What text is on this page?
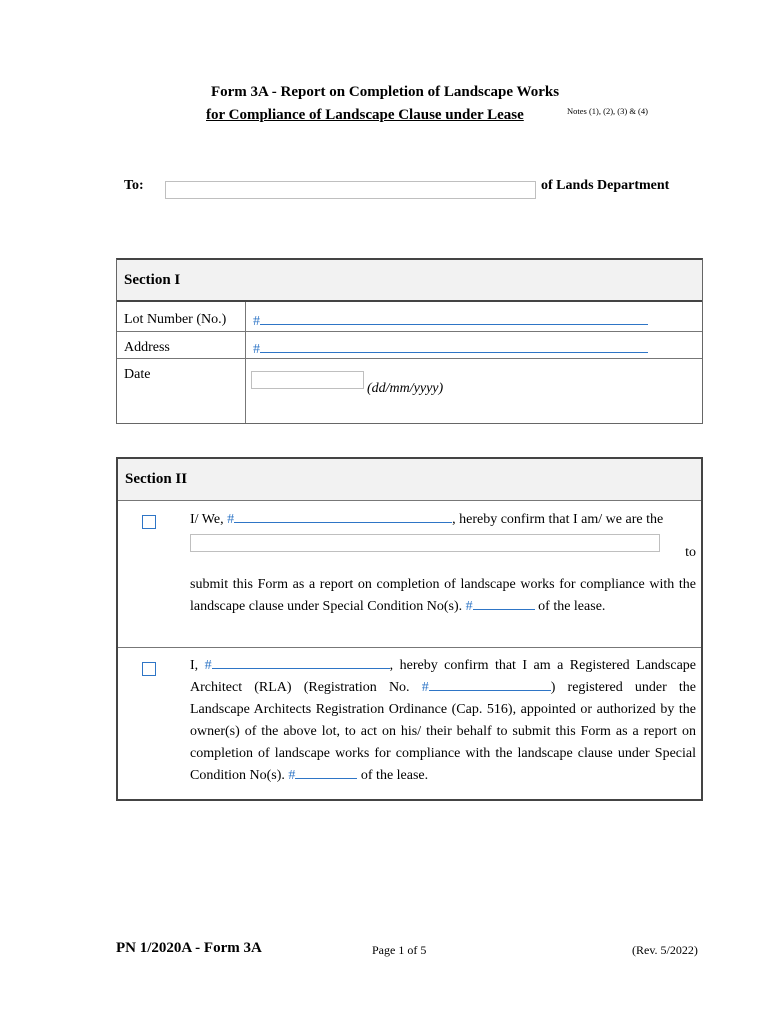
Form 3A - Report on Completion of Landscape Works
for Compliance of Landscape Clause under Lease	Notes (1), (2), (3) & (4)
To:	of Lands Department
Section I
Lot Number (No.) #
Address	#
Date
(dd/mm/yyyy)
Section II
I/ We, #	, hereby confirm that I am/ we are the
to
submit this Form as a report on completion of landscape works for compliance with the landscape clause under Special Condition No(s). #	of the lease.
I, #	, hereby confirm that I am a Registered Landscape Architect (RLA) (Registration No. #	) registered under the Landscape Architects Registration Ordinance (Cap. 516), appointed or authorized by the owner(s) of the above lot, to act on his/ their behalf to submit this Form as a report on completion of landscape works for compliance with the landscape clause under Special Condition No(s). #	of the lease.
PN 1/2020A - Form 3A	Page 1 of 5	(Rev. 5/2022)
